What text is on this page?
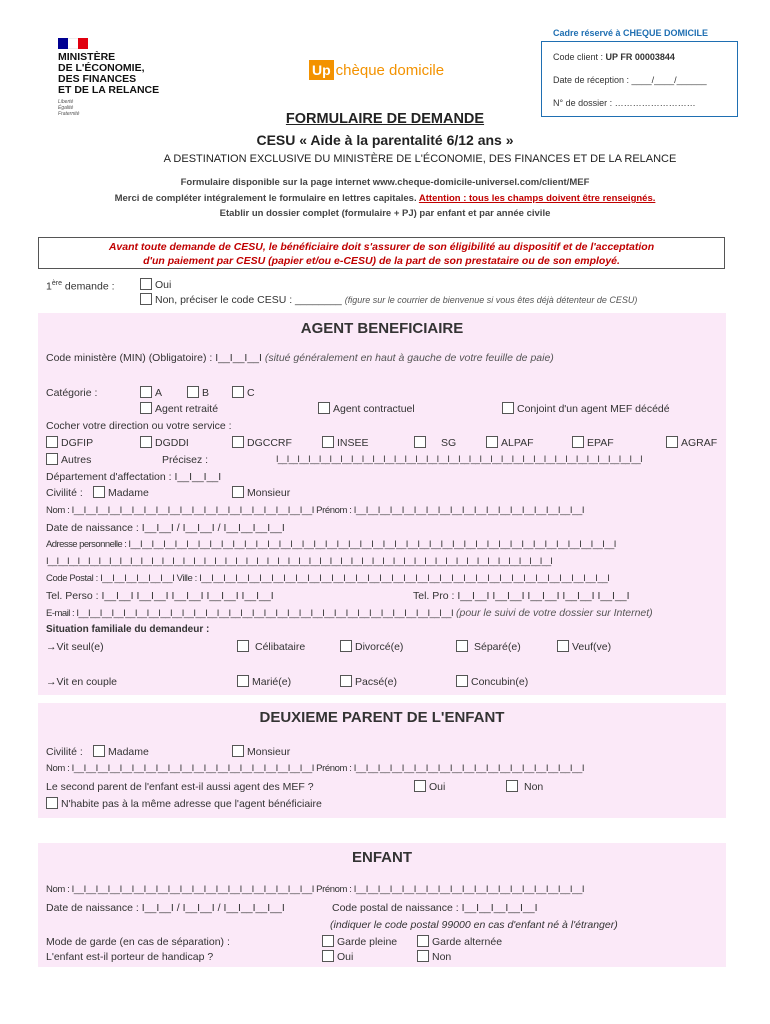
MINISTÈRE
DE L'ÉCONOMIE,
DES FINANCES
ET DE LA RELANCE
Liberté
Égalité
Fraternité
Up chèque domicile
Cadre réservé à CHEQUE DOMICILE
Code client : UP FR 00003844
Date de réception : ____/____/______
N° de dossier : ………………………
FORMULAIRE DE DEMANDE
CESU « Aide à la parentalité 6/12 ans »
A DESTINATION EXCLUSIVE DU MINISTÈRE DE L'ÉCONOMIE, DES FINANCES ET DE LA RELANCE
Formulaire disponible sur la page internet www.cheque-domicile-universel.com/client/MEF
Merci de compléter intégralement le formulaire en lettres capitales. Attention : tous les champs doivent être renseignés.
Etablir un dossier complet (formulaire + PJ) par enfant et par année civile
Avant toute demande de CESU, le bénéficiaire doit s'assurer de son éligibilité au dispositif et de l'acceptation
d'un paiement par CESU (papier et/ou e-CESU) de la part de son prestataire ou de son employé.
1ère demande :	Oui
Non, préciser le code CESU : ________ (figure sur le courrier de bienvenue si vous êtes déjà détenteur de CESU)
AGENT BENEFICIAIRE
Code ministère (MIN) (Obligatoire) : I__I__I__I (situé généralement en haut à gauche de votre feuille de paie)
Catégorie :	A	B	C
Agent retraité	Agent contractuel	Conjoint d'un agent MEF décédé
Cocher votre direction ou votre service :
DGFIP	DGDDI	DGCCRF	INSEE	SG	ALPAF	EPAF	AGRAF
Autres	Précisez :	I__I__I__I__I__I__I__I__I__I__I__I__I__I__I__I__I__I__I__I__I__I__I__I__I__I__I__I__I__I__I__I__I__I__I
Département d'affectation : I__I__I__I
Civilité :	Madame	Monsieur
Nom : I__I__I__I__I__I__I__I__I__I__I__I__I__I__I__I__I__I__I__I__I Prénom : I__I__I__I__I__I__I__I__I__I__I__I__I__I__I__I__I__I__I__I
Date de naissance : I__I__I / I__I__I / I__I__I__I__I
Adresse personnelle : I__I__I__I__I__I__I__I__I__I__I__I__I__I__I__I__I__I__I__I__I__I__I__I__I__I__I__I__I__I__I__I__I__I__I__I__I__I__I__I__I__I__I
I__I__I__I__I__I__I__I__I__I__I__I__I__I__I__I__I__I__I__I__I__I__I__I__I__I__I__I__I__I__I__I__I__I__I__I__I__I__I__I__I__I__I__I__I__I__I__I__I
Code Postal : I__I__I__I__I__I__I Ville : I__I__I__I__I__I__I__I__I__I__I__I__I__I__I__I__I__I__I__I__I__I__I__I__I__I__I__I__I__I__I__I__I__I__I
Tel. Perso : I__I__I I__I__I I__I__I I__I__I I__I__I	Tel. Pro : I__I__I I__I__I I__I__I I__I__I I__I__I
E-mail : I__I__I__I__I__I__I__I__I__I__I__I__I__I__I__I__I__I__I__I__I__I__I__I__I__I__I__I__I__I__I__I__I (pour le suivi de votre dossier sur Internet)
Situation familiale du demandeur :
→Vit seul(e)	Célibataire	Divorcé(e)	Séparé(e)	Veuf(ve)
→Vit en couple	Marié(e)	Pacsé(e)	Concubin(e)
DEUXIEME PARENT DE L'ENFANT
Civilité :	Madame	Monsieur
Nom : I__I__I__I__I__I__I__I__I__I__I__I__I__I__I__I__I__I__I__I__I Prénom : I__I__I__I__I__I__I__I__I__I__I__I__I__I__I__I__I__I__I__I
Le second parent de l'enfant est-il aussi agent des MEF ?	Oui	Non
N'habite pas à la même adresse que l'agent bénéficiaire
ENFANT
Nom : I__I__I__I__I__I__I__I__I__I__I__I__I__I__I__I__I__I__I__I__I Prénom : I__I__I__I__I__I__I__I__I__I__I__I__I__I__I__I__I__I__I__I
Date de naissance : I__I__I / I__I__I / I__I__I__I__I	Code postal de naissance : I__I__I__I__I__I
(indiquer le code postal 99000 en cas d'enfant né à l'étranger)
Mode de garde (en cas de séparation) :	Garde pleine	Garde alternée
L'enfant est-il porteur de handicap ?	Oui	Non
